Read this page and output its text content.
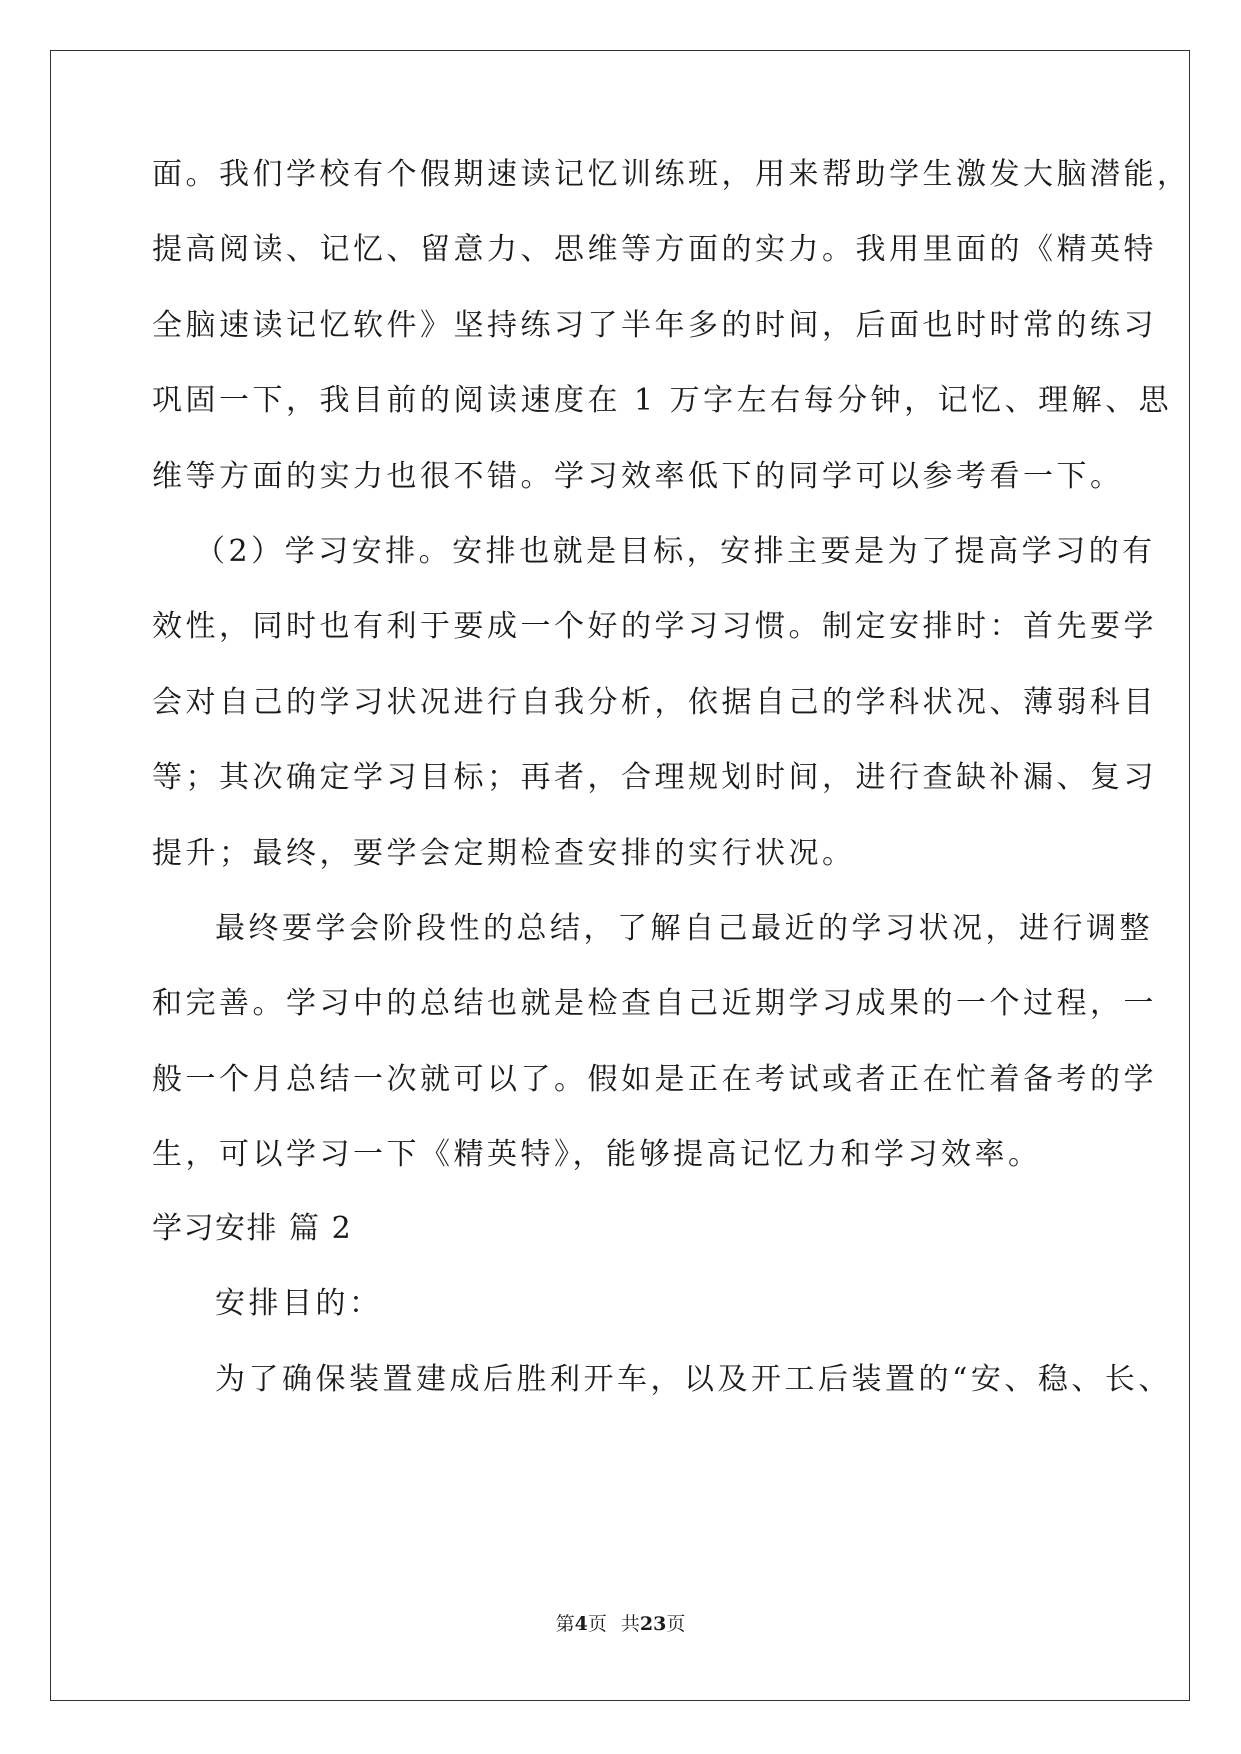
面。我们学校有个假期速读记忆训练班，用来帮助学生激发大脑潜能，
提高阅读、记忆、留意力、思维等方面的实力。我用里面的《精英特
全脑速读记忆软件》坚持练习了半年多的时间，后面也时时常的练习
巩固一下，我目前的阅读速度在 1 万字左右每分钟，记忆、理解、思
维等方面的实力也很不错。学习效率低下的同学可以参考看一下。
（2）学习安排。安排也就是目标，安排主要是为了提高学习的有
效性，同时也有利于要成一个好的学习习惯。制定安排时：首先要学
会对自己的学习状况进行自我分析，依据自己的学科状况、薄弱科目
等；其次确定学习目标；再者，合理规划时间，进行查缺补漏、复习
提升；最终，要学会定期检查安排的实行状况。
最终要学会阶段性的总结，了解自己最近的学习状况，进行调整
和完善。学习中的总结也就是检查自己近期学习成果的一个过程，一
般一个月总结一次就可以了。假如是正在考试或者正在忙着备考的学
生，可以学习一下《精英特》，能够提高记忆力和学习效率。
学习安排 篇 2
安排目的：
为了确保装置建成后胜利开车，以及开工后装置的“安、稳、长、
第4页 共23页
